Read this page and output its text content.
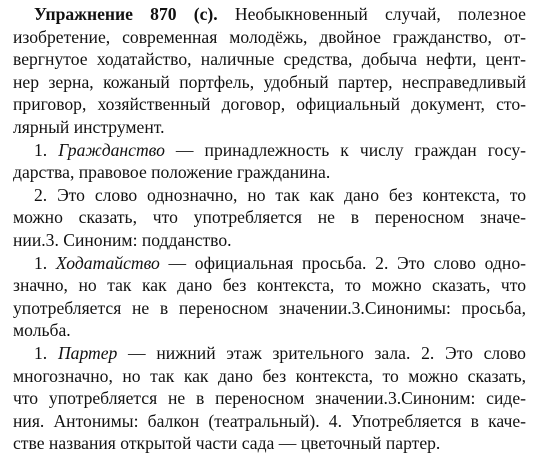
Упражнение 870 (с). Необыкновенный случай, полезное
изобретение, современная молодёжь, двойное гражданство, от-
вергнутое ходатайство, наличные средства, добыча нефти, цент-
нер зерна, кожаный портфель, удобный партер, несправедливый
приговор, хозяйственный договор, официальный документ, сто-
лярный инструмент.
1. Гражданство — принадлежность к числу граждан госу-
дарства, правовое положение гражданина.
2. Это слово однозначно, но так как дано без контекста, то
можно сказать, что употребляется не в переносном значе-
нии.3. Синоним: подданство.
1. Ходатайство — официальная просьба. 2. Это слово одно-
значно, но так как дано без контекста, то можно сказать, что
употребляется не в переносном значении.3.Синонимы: просьба,
мольба.
1. Партер — нижний этаж зрительного зала. 2. Это слово
многозначно, но так как дано без контекста, то можно сказать,
что употребляется не в переносном значении.3.Синоним: сиде-
ния. Антонимы: балкон (театральный). 4. Употребляется в каче-
стве названия открытой части сада — цветочный партер.
